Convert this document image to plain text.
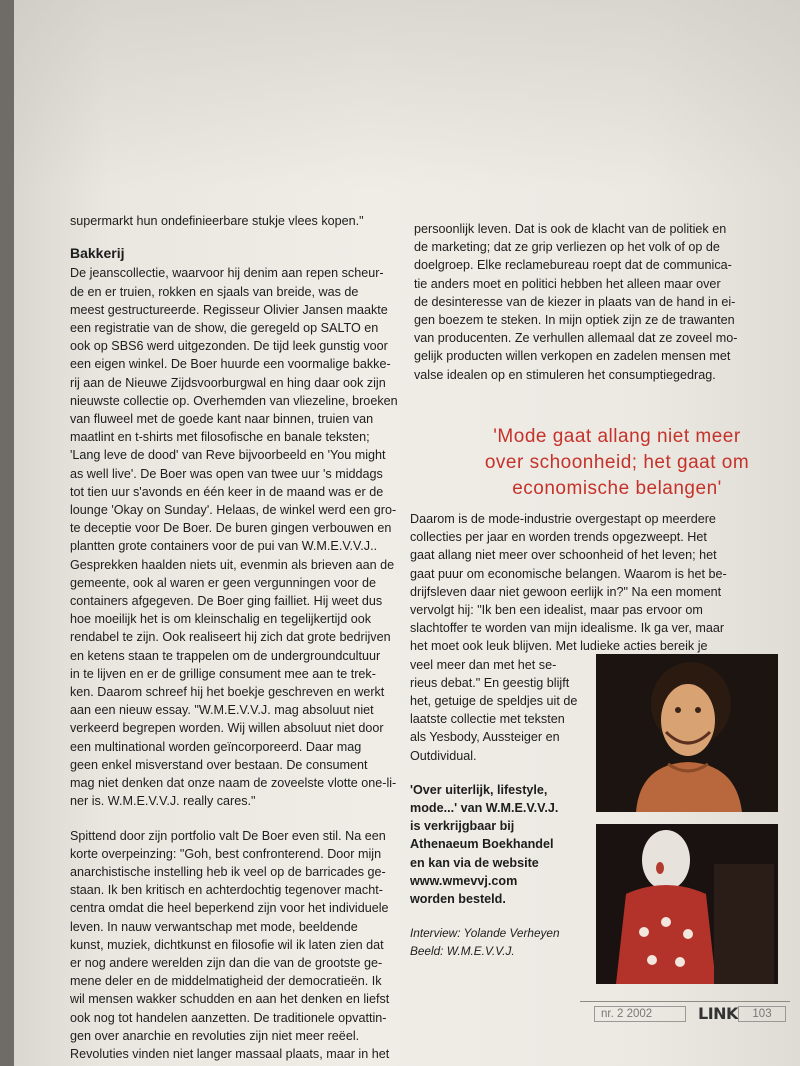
supermarkt hun ondefinieerbare stukje vlees kopen."

Bakkerij

De jeanscollectie, waarvoor hij denim aan repen scheur-
de en er truien, rokken en sjaals van breide, was de
meest gestructureerde. Regisseur Olivier Jansen maakte
een registratie van de show, die geregeld op SALTO en
ook op SBS6 werd uitgezonden. De tijd leek gunstig voor
een eigen winkel. De Boer huurde een voormalige bakke-
rij aan de Nieuwe Zijdsvoorburgwal en hing daar ook zijn
nieuwste collectie op. Overhemden van vliezeline, broeken
van fluweel met de goede kant naar binnen, truien van
maatlint en t-shirts met filosofische en banale teksten;
'Lang leve de dood' van Reve bijvoorbeeld en 'You might
as well live'. De Boer was open van twee uur 's middags
tot tien uur s'avonds en één keer in de maand was er de
lounge 'Okay on Sunday'. Helaas, de winkel werd een gro-
te deceptie voor De Boer. De buren gingen verbouwen en
plantten grote containers voor de pui van W.M.E.V.V.J..
Gesprekken haalden niets uit, evenmin als brieven aan de
gemeente, ook al waren er geen vergunningen voor de
containers afgegeven. De Boer ging failliet. Hij weet dus
hoe moeilijk het is om kleinschalig en tegelijkertijd ook
rendabel te zijn. Ook realiseert hij zich dat grote bedrijven
en ketens staan te trappelen om de undergroundcultuur
in te lijven en er de grillige consument mee aan te trek-
ken. Daarom schreef hij het boekje geschreven en werkt
aan een nieuw essay. "W.M.E.V.V.J. mag absoluut niet
verkeerd begrepen worden. Wij willen absoluut niet door
een multinational worden geïncorporeerd. Daar mag
geen enkel misverstand over bestaan. De consument
mag niet denken dat onze naam de zoveelste vlotte one-li-
ner is. W.M.E.V.V.J. really cares."

Spittend door zijn portfolio valt De Boer even stil. Na een
korte overpeinzing: "Goh, best confronterend. Door mijn
anarchistische instelling heb ik veel op de barricades ge-
staan. Ik ben kritisch en achterdochtig tegenover macht-
centra omdat die heel beperkend zijn voor het individuele
leven. In nauw verwantschap met mode, beeldende
kunst, muziek, dichtkunst en filosofie wil ik laten zien dat
er nog andere werelden zijn dan die van de grootste ge-
mene deler en de middelmatigheid der democratieën. Ik
wil mensen wakker schudden en aan het denken en liefst
ook nog tot handelen aanzetten. De traditionele opvattin-
gen over anarchie en revoluties zijn niet meer reëel.
Revoluties vinden niet langer massaal plaats, maar in het

persoonlijk leven. Dat is ook de klacht van de politiek en
de marketing; dat ze grip verliezen op het volk of op de
doelgroep. Elke reclamebureau roept dat de communica-
tie anders moet en politici hebben het alleen maar over
de desinteresse van de kiezer in plaats van de hand in ei-
gen boezem te steken. In mijn optiek zijn ze de trawanten
van producenten. Ze verhullen allemaal dat ze zoveel mo-
gelijk producten willen verkopen en zadelen mensen met
valse idealen op en stimuleren het consumptiegedrag.

'Mode gaat allang niet meer
over schoonheid; het gaat om
economische belangen'

Daarom is de mode-industrie overgestapt op meerdere
collecties per jaar en worden trends opgezweept. Het
gaat allang niet meer over schoonheid of het leven; het
gaat puur om economische belangen. Waarom is het be-
drijfsleven daar niet gewoon eerlijk in?" Na een moment
vervolgt hij: "Ik ben een idealist, maar pas ervoor om
slachtoffer te worden van mijn idealisme. Ik ga ver, maar
het moet ook leuk blijven. Met ludieke acties bereik je
veel meer dan met het se-

rieus debat." En geestig blijft
het, getuige de speldjes uit de
laatste collectie met teksten
als Yesbody, Aussteiger en
Outdividual.

'Over uiterlijk, lifestyle,
mode...' van W.M.E.V.V.J.
is verkrijgbaar bij
Athenaeum Boekhandel
en kan via de website
www.wmevvj.com
worden besteld.

Interview: Yolande Verheyen
Beeld: W.M.E.V.V.J.

nr. 2 2002	LINK	103
